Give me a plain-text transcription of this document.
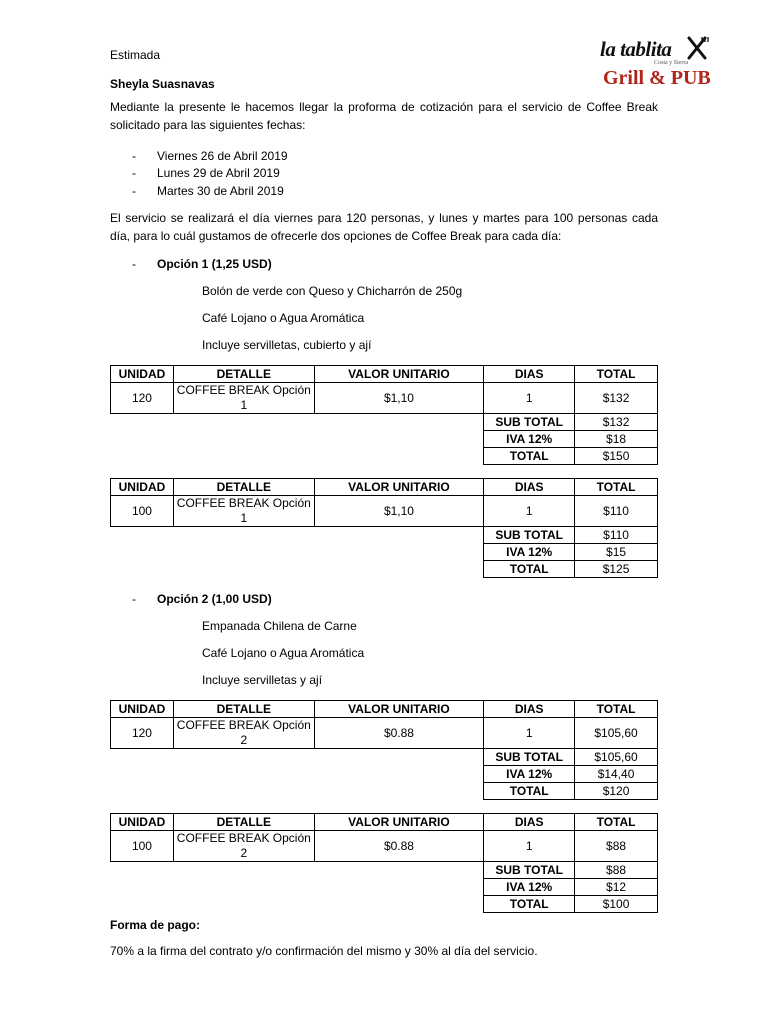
la tablita
Costa y Sierra
Grill & PUB
Estimada
Sheyla Suasnavas
Mediante la presente le hacemos llegar la proforma de cotización para el servicio de Coffee Break solicitado para las siguientes fechas:
- Viernes 26 de Abril 2019
- Lunes 29 de Abril 2019
- Martes 30 de Abril 2019
El servicio se realizará el día viernes para 120 personas, y lunes y martes para 100 personas cada día, para lo cuál gustamos de ofrecerle dos opciones de Coffee Break para cada día:
- Opción 1 (1,25 USD)
Bolón de verde con Queso y Chicharrón de 250g
Café Lojano o Agua Aromática
Incluye servilletas, cubierto y ají
UNIDAD	DETALLE	VALOR UNITARIO	DIAS	TOTAL
120	COFFEE BREAK Opción 1	$1,10	1	$132
			SUB TOTAL	$132
			IVA 12%	$18
			TOTAL	$150
UNIDAD	DETALLE	VALOR UNITARIO	DIAS	TOTAL
100	COFFEE BREAK Opción 1	$1,10	1	$110
			SUB TOTAL	$110
			IVA 12%	$15
			TOTAL	$125
- Opción 2 (1,00 USD)
Empanada Chilena de Carne
Café Lojano o Agua Aromática
Incluye servilletas y ají
UNIDAD	DETALLE	VALOR UNITARIO	DIAS	TOTAL
120	COFFEE BREAK Opción 2	$0.88	1	$105,60
			SUB TOTAL	$105,60
			IVA 12%	$14,40
			TOTAL	$120
UNIDAD	DETALLE	VALOR UNITARIO	DIAS	TOTAL
100	COFFEE BREAK Opción 2	$0.88	1	$88
			SUB TOTAL	$88
			IVA 12%	$12
			TOTAL	$100
Forma de pago:
70% a la firma del contrato y/o confirmación del mismo y 30% al día del servicio.
